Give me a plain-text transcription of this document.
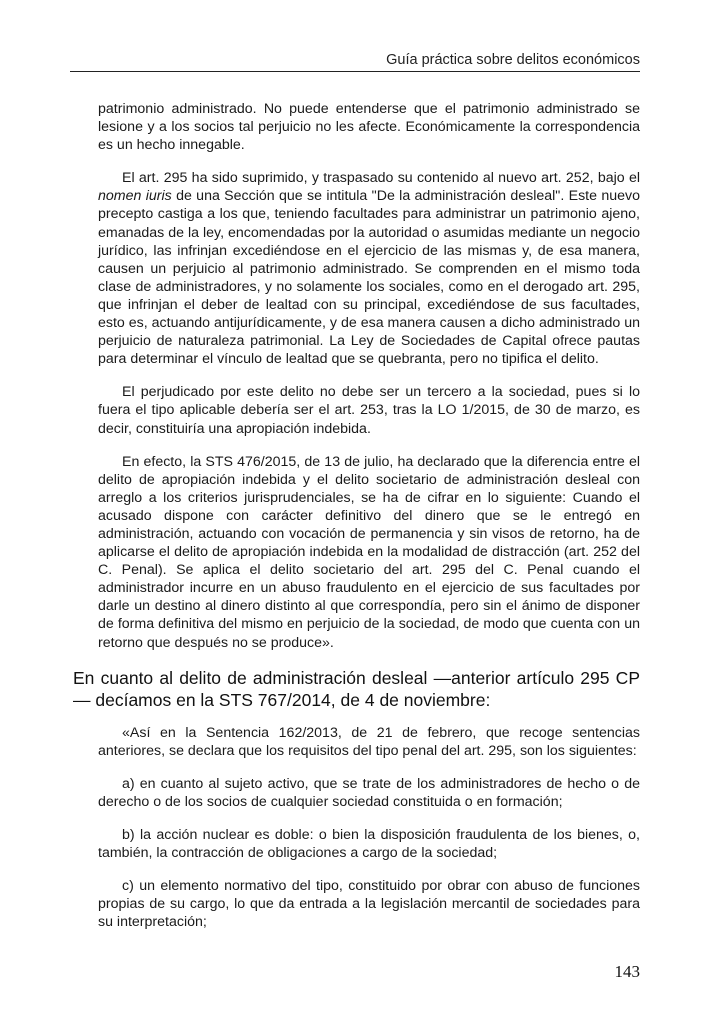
Guía práctica sobre delitos económicos

patrimonio administrado. No puede entenderse que el patrimonio administrado se lesione y a los socios tal perjuicio no les afecte. Económicamente la correspondencia es un hecho innegable.

El art. 295 ha sido suprimido, y traspasado su contenido al nuevo art. 252, bajo el nomen iuris de una Sección que se intitula "De la administración desleal". Este nuevo precepto castiga a los que, teniendo facultades para administrar un patrimonio ajeno, emanadas de la ley, encomendadas por la autoridad o asumidas mediante un negocio jurídico, las infrinjan excediéndose en el ejercicio de las mismas y, de esa manera, causen un perjuicio al patrimonio administrado. Se comprenden en el mismo toda clase de administradores, y no solamente los sociales, como en el derogado art. 295, que infrinjan el deber de lealtad con su principal, excediéndose de sus facultades, esto es, actuando antijurídicamente, y de esa manera causen a dicho administrado un perjuicio de naturaleza patrimonial. La Ley de Sociedades de Capital ofrece pautas para determinar el vínculo de lealtad que se quebranta, pero no tipifica el delito.

El perjudicado por este delito no debe ser un tercero a la sociedad, pues si lo fuera el tipo aplicable debería ser el art. 253, tras la LO 1/2015, de 30 de marzo, es decir, constituiría una apropiación indebida.

En efecto, la STS 476/2015, de 13 de julio, ha declarado que la diferencia entre el delito de apropiación indebida y el delito societario de administración desleal con arreglo a los criterios jurisprudenciales, se ha de cifrar en lo siguiente: Cuando el acusado dispone con carácter definitivo del dinero que se le entregó en administración, actuando con vocación de permanencia y sin visos de retorno, ha de aplicarse el delito de apropiación indebida en la modalidad de distracción (art. 252 del C. Penal). Se aplica el delito societario del art. 295 del C. Penal cuando el administrador incurre en un abuso fraudulento en el ejercicio de sus facultades por darle un destino al dinero distinto al que correspondía, pero sin el ánimo de disponer de forma definitiva del mismo en perjuicio de la sociedad, de modo que cuenta con un retorno que después no se produce».

En cuanto al delito de administración desleal —anterior artículo 295 CP— decíamos en la STS 767/2014, de 4 de noviembre:

«Así en la Sentencia 162/2013, de 21 de febrero, que recoge sentencias anteriores, se declara que los requisitos del tipo penal del art. 295, son los siguientes:

a) en cuanto al sujeto activo, que se trate de los administradores de hecho o de derecho o de los socios de cualquier sociedad constituida o en formación;

b) la acción nuclear es doble: o bien la disposición fraudulenta de los bienes, o, también, la contracción de obligaciones a cargo de la sociedad;

c) un elemento normativo del tipo, constituido por obrar con abuso de funciones propias de su cargo, lo que da entrada a la legislación mercantil de sociedades para su interpretación;

143
